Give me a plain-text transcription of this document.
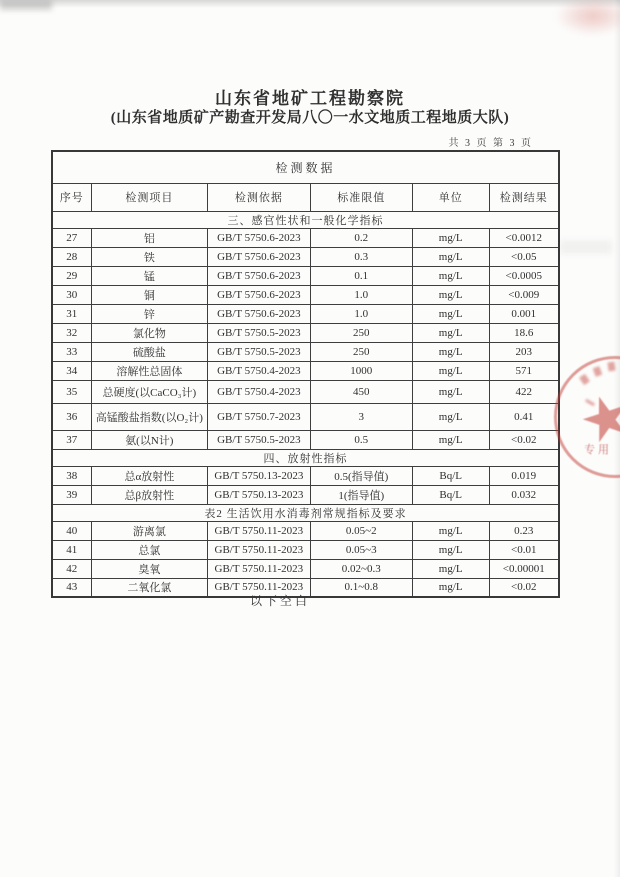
山东省地矿工程勘察院
(山东省地质矿产勘查开发局八〇一水文地质工程地质大队)
共 3 页 第 3 页
检测数据					
序号	检测项目	检测依据	标准限值	单位	检测结果
三、感官性状和一般化学指标					
27	铝	GB/T 5750.6-2023	0.2	mg/L	<0.0012
28	铁	GB/T 5750.6-2023	0.3	mg/L	<0.05
29	锰	GB/T 5750.6-2023	0.1	mg/L	<0.0005
30	铜	GB/T 5750.6-2023	1.0	mg/L	<0.009
31	锌	GB/T 5750.6-2023	1.0	mg/L	0.001
32	氯化物	GB/T 5750.5-2023	250	mg/L	18.6
33	硫酸盐	GB/T 5750.5-2023	250	mg/L	203
34	溶解性总固体	GB/T 5750.4-2023	1000	mg/L	571
35	总硬度(以CaCO₃计)	GB/T 5750.4-2023	450	mg/L	422
36	高锰酸盐指数(以O₂计)	GB/T 5750.7-2023	3	mg/L	0.41
37	氨(以N计)	GB/T 5750.5-2023	0.5	mg/L	<0.02
四、放射性指标					
38	总α放射性	GB/T 5750.13-2023	0.5(指导值)	Bq/L	0.019
39	总β放射性	GB/T 5750.13-2023	1(指导值)	Bq/L	0.032
表2 生活饮用水消毒剂常规指标及要求					
40	游离氯	GB/T 5750.11-2023	0.05~2	mg/L	0.23
41	总氯	GB/T 5750.11-2023	0.05~3	mg/L	<0.01
42	臭氧	GB/T 5750.11-2023	0.02~0.3	mg/L	<0.00001
43	二氧化氯	GB/T 5750.11-2023	0.1~0.8	mg/L	<0.02
以下空白
专用
